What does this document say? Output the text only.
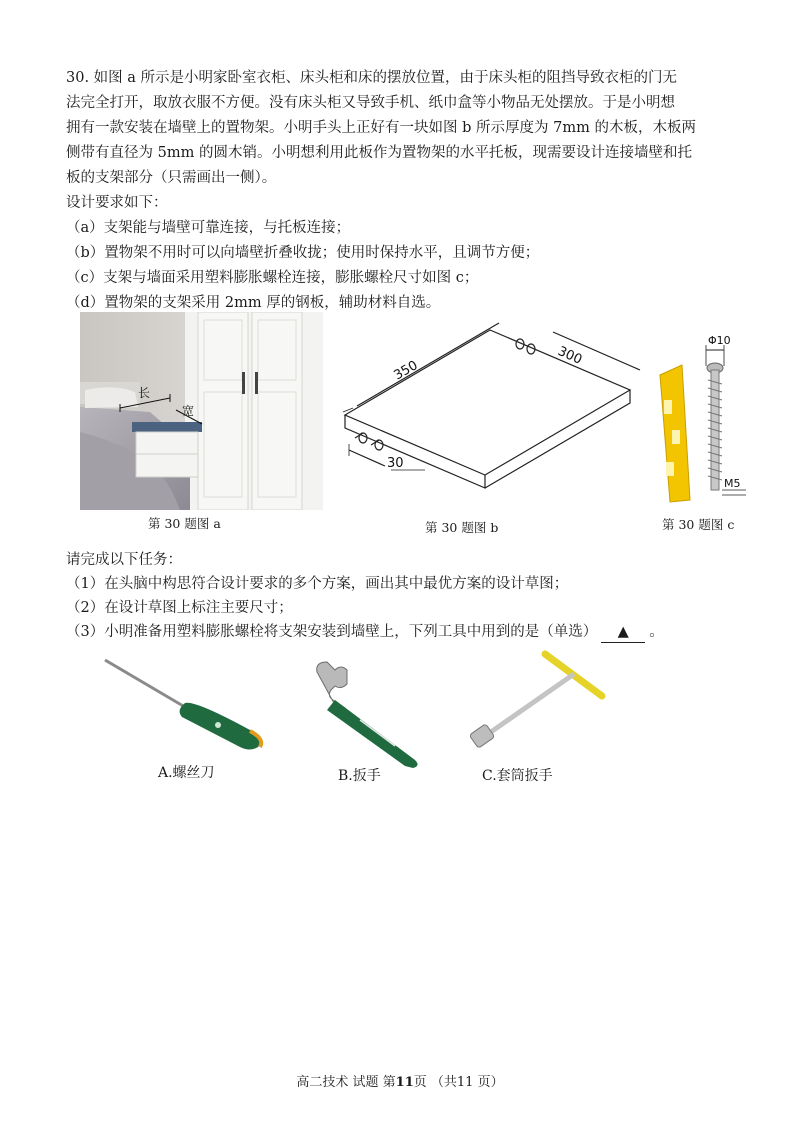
30. 如图 a 所示是小明家卧室衣柜、床头柜和床的摆放位置，由于床头柜的阻挡导致衣柜的门无
法完全打开，取放衣服不方便。没有床头柜又导致手机、纸巾盒等小物品无处摆放。于是小明想
拥有一款安装在墙壁上的置物架。小明手头上正好有一块如图 b 所示厚度为 7mm 的木板，木板两
侧带有直径为 5mm 的圆木销。小明想利用此板作为置物架的水平托板，现需要设计连接墙壁和托
板的支架部分（只需画出一侧）。
设计要求如下：
（a）支架能与墙壁可靠连接，与托板连接；
（b）置物架不用时可以向墙壁折叠收拢；使用时保持水平，且调节方便；
（c）支架与墙面采用塑料膨胀螺栓连接，膨胀螺栓尺寸如图 c；
（d）置物架的支架采用 2mm 厚的钢板，辅助材料自选。
长
宽
第 30 题图 a
350
300
30
第 30 题图 b
Φ10
M5
第 30 题图 c
请完成以下任务：
（1）在头脑中构思符合设计要求的多个方案，画出其中最优方案的设计草图；
（2）在设计草图上标注主要尺寸；
（3）小明准备用塑料膨胀螺栓将支架安装到墙壁上，下列工具中用到的是（单选） ▲ 。
A.螺丝刀	B.扳手	C.套筒扳手
高二技术 试题 第11页 （共11 页）
